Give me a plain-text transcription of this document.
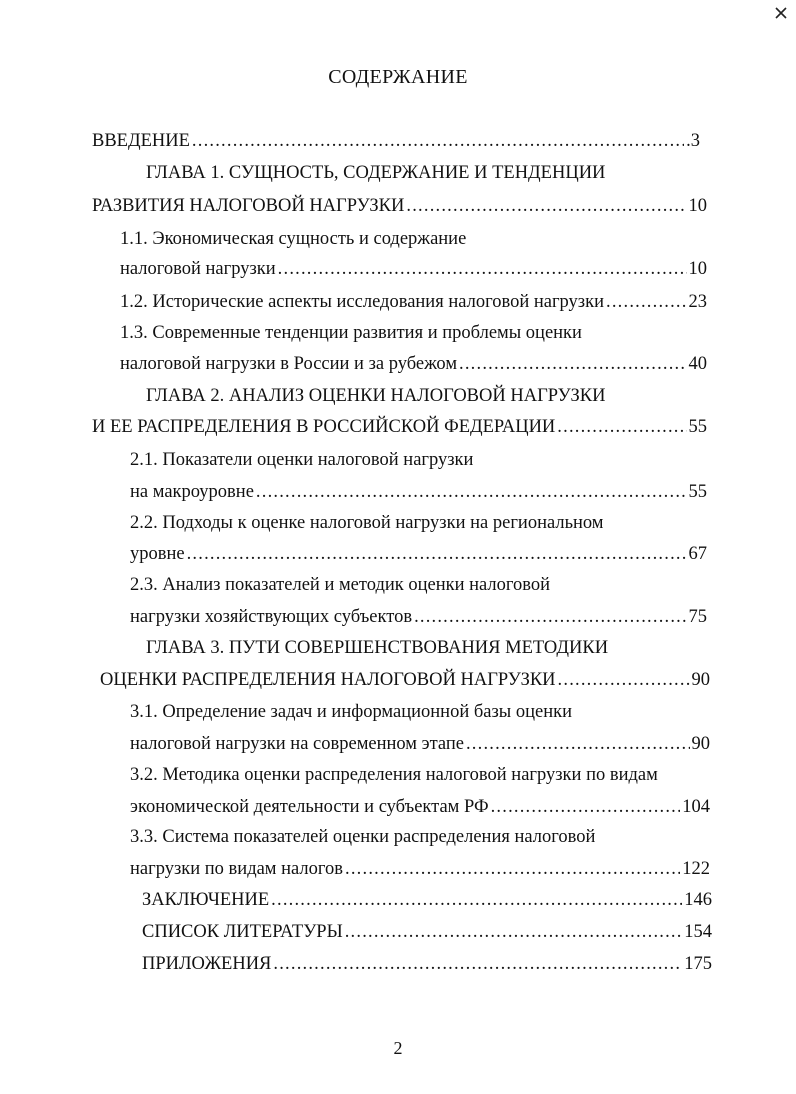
СОДЕРЖАНИЕ
ВВЕДЕНИЕ .....	.3
ГЛАВА 1. СУЩНОСТЬ, СОДЕРЖАНИЕ И ТЕНДЕНЦИИ
РАЗВИТИЯ НАЛОГОВОЙ НАГРУЗКИ .....	10
1.1. Экономическая сущность и содержание
налоговой нагрузки .....	10
1.2. Исторические аспекты исследования налоговой нагрузки .....	23
1.3. Современные тенденции развития и проблемы оценки
налоговой нагрузки в России и за рубежом .....	40
ГЛАВА 2. АНАЛИЗ ОЦЕНКИ НАЛОГОВОЙ НАГРУЗКИ
И ЕЕ РАСПРЕДЕЛЕНИЯ В РОССИЙСКОЙ ФЕДЕРАЦИИ .....	55
2.1. Показатели оценки налоговой нагрузки
на макроуровне .....	55
2.2. Подходы к оценке налоговой нагрузки на региональном
уровне .....	67
2.3. Анализ показателей и методик оценки налоговой
нагрузки хозяйствующих субъектов .....	75
ГЛАВА 3. ПУТИ СОВЕРШЕНСТВОВАНИЯ МЕТОДИКИ
ОЦЕНКИ РАСПРЕДЕЛЕНИЯ НАЛОГОВОЙ НАГРУЗКИ .....	90
3.1. Определение задач и информационной базы оценки
налоговой нагрузки на современном этапе .....	90
3.2. Методика оценки распределения налоговой нагрузки по видам
экономической деятельности и субъектам РФ .....	104
3.3. Система показателей оценки распределения налоговой
нагрузки по видам налогов .....	122
ЗАКЛЮЧЕНИЕ .....	146
СПИСОК ЛИТЕРАТУРЫ .....	154
ПРИЛОЖЕНИЯ .....	175
2
